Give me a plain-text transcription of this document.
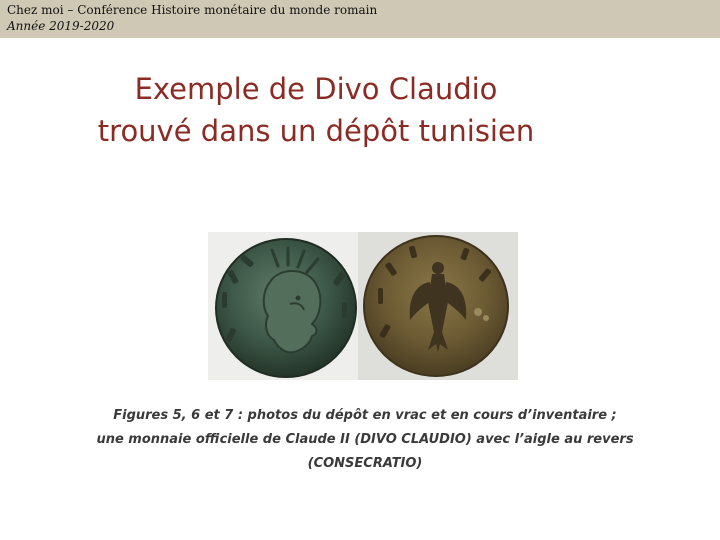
Chez moi – Conférence Histoire monétaire du monde romain
Année 2019-2020
Exemple de Divo Claudio
trouvé dans un dépôt tunisien
Figures 5, 6 et 7 : photos du dépôt en vrac et en cours d’inventaire ;
une monnaie officielle de Claude II (DIVO CLAUDIO) avec l’aigle au revers (CONSECRATIO)
